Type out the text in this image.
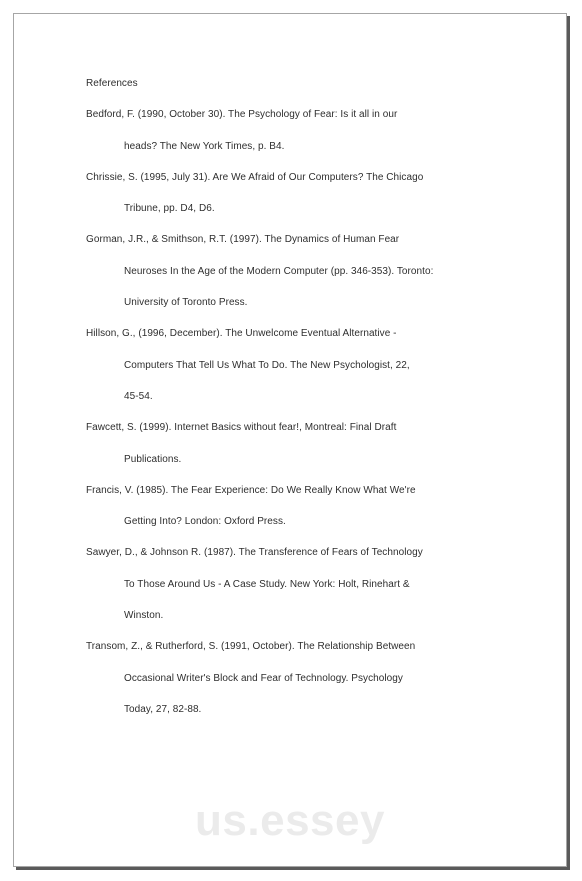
References
Bedford, F. (1990, October 30). The Psychology of Fear: Is it all in our
heads? The New York Times, p. B4.
Chrissie, S. (1995, July 31). Are We Afraid of Our Computers? The Chicago
Tribune, pp. D4, D6.
Gorman, J.R., & Smithson, R.T. (1997). The Dynamics of Human Fear
Neuroses In the Age of the Modern Computer (pp. 346-353). Toronto:
University of Toronto Press.
Hillson, G., (1996, December). The Unwelcome Eventual Alternative -
Computers That Tell Us What To Do. The New Psychologist, 22,
45-54.
Fawcett, S. (1999). Internet Basics without fear!, Montreal: Final Draft
Publications.
Francis, V. (1985). The Fear Experience: Do We Really Know What We're
Getting Into? London: Oxford Press.
Sawyer, D., & Johnson R. (1987). The Transference of Fears of Technology
To Those Around Us - A Case Study. New York: Holt, Rinehart &
Winston.
Transom, Z., & Rutherford, S. (1991, October). The Relationship Between
Occasional Writer's Block and Fear of Technology. Psychology
Today, 27, 82-88.
us.essey
